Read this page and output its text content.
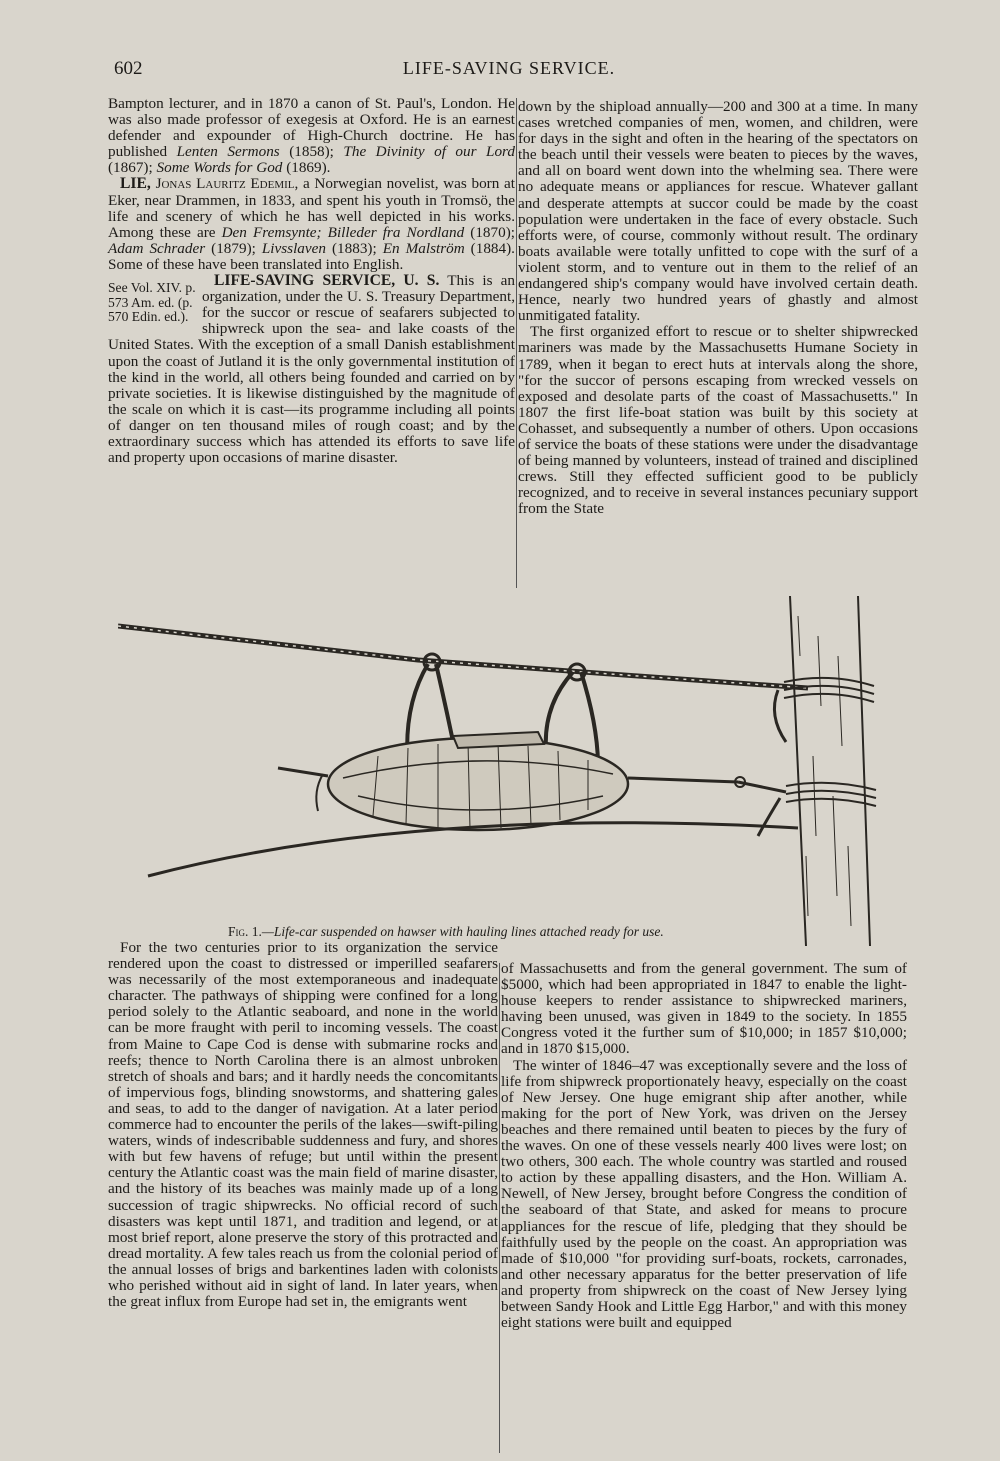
602	LIFE-SAVING SERVICE.

Bampton lecturer, and in 1870 a canon of St. Paul's, London. He was also made professor of exegesis at Oxford. He is an earnest defender and expounder of High-Church doctrine. He has published Lenten Sermons (1858); The Divinity of our Lord (1867); Some Words for God (1869).

LIE, Jonas Lauritz Edemil, a Norwegian novelist, was born at Eker, near Drammen, in 1833, and spent his youth in Tromsö, the life and scenery of which he has well depicted in his works. Among these are Den Fremsynte; Billeder fra Nordland (1870); Adam Schrader (1879); Livsslaven (1883); En Malström (1884). Some of these have been translated into English.

See Vol. XIV. p. 573 Am. ed. (p. 570 Edin. ed.).

LIFE-SAVING SERVICE, U. S. This is an organization, under the U. S. Treasury Department, for the succor or rescue of seafarers subjected to shipwreck upon the sea- and lake coasts of the United States. With the exception of a small Danish establishment upon the coast of Jutland it is the only governmental institution of the kind in the world, all others being founded and carried on by private societies. It is likewise distinguished by the magnitude of the scale on which it is cast—its programme including all points of danger on ten thousand miles of rough coast; and by the extraordinary success which has attended its efforts to save life and property upon occasions of marine disaster.

down by the shipload annually—200 and 300 at a time. In many cases wretched companies of men, women, and children, were for days in the sight and often in the hearing of the spectators on the beach until their vessels were beaten to pieces by the waves, and all on board went down into the whelming sea. There were no adequate means or appliances for rescue. Whatever gallant and desperate attempts at succor could be made by the coast population were undertaken in the face of every obstacle. Such efforts were, of course, commonly without result. The ordinary boats available were totally unfitted to cope with the surf of a violent storm, and to venture out in them to the relief of an endangered ship's company would have involved certain death. Hence, nearly two hundred years of ghastly and almost unmitigated fatality.

The first organized effort to rescue or to shelter shipwrecked mariners was made by the Massachusetts Humane Society in 1789, when it began to erect huts at intervals along the shore, "for the succor of persons escaping from wrecked vessels on exposed and desolate parts of the coast of Massachusetts." In 1807 the first life-boat station was built by this society at Cohasset, and subsequently a number of others. Upon occasions of service the boats of these stations were under the disadvantage of being manned by volunteers, instead of trained and disciplined crews. Still they effected sufficient good to be publicly recognized, and to receive in several instances pecuniary support from the State

Fig. 1.—Life-car suspended on hawser with hauling lines attached ready for use.

For the two centuries prior to its organization the service rendered upon the coast to distressed or imperilled seafarers was necessarily of the most extemporaneous and inadequate character. The pathways of shipping were confined for a long period solely to the Atlantic seaboard, and none in the world can be more fraught with peril to incoming vessels. The coast from Maine to Cape Cod is dense with submarine rocks and reefs; thence to North Carolina there is an almost unbroken stretch of shoals and bars; and it hardly needs the concomitants of impervious fogs, blinding snowstorms, and shattering gales and seas, to add to the danger of navigation. At a later period commerce had to encounter the perils of the lakes—swift-piling waters, winds of indescribable suddenness and fury, and shores with but few havens of refuge; but until within the present century the Atlantic coast was the main field of marine disaster, and the history of its beaches was mainly made up of a long succession of tragic shipwrecks. No official record of such disasters was kept until 1871, and tradition and legend, or at most brief report, alone preserve the story of this protracted and dread mortality. A few tales reach us from the colonial period of the annual losses of brigs and barkentines laden with colonists who perished without aid in sight of land. In later years, when the great influx from Europe had set in, the emigrants went

of Massachusetts and from the general government. The sum of $5000, which had been appropriated in 1847 to enable the light-house keepers to render assistance to shipwrecked mariners, having been unused, was given in 1849 to the society. In 1855 Congress voted it the further sum of $10,000; in 1857 $10,000; and in 1870 $15,000.

The winter of 1846–47 was exceptionally severe and the loss of life from shipwreck proportionately heavy, especially on the coast of New Jersey. One huge emigrant ship after another, while making for the port of New York, was driven on the Jersey beaches and there remained until beaten to pieces by the fury of the waves. On one of these vessels nearly 400 lives were lost; on two others, 300 each. The whole country was startled and roused to action by these appalling disasters, and the Hon. William A. Newell, of New Jersey, brought before Congress the condition of the seaboard of that State, and asked for means to procure appliances for the rescue of life, pledging that they should be faithfully used by the people on the coast. An appropriation was made of $10,000 "for providing surf-boats, rockets, carronades, and other necessary apparatus for the better preservation of life and property from shipwreck on the coast of New Jersey lying between Sandy Hook and Little Egg Harbor," and with this money eight stations were built and equipped
